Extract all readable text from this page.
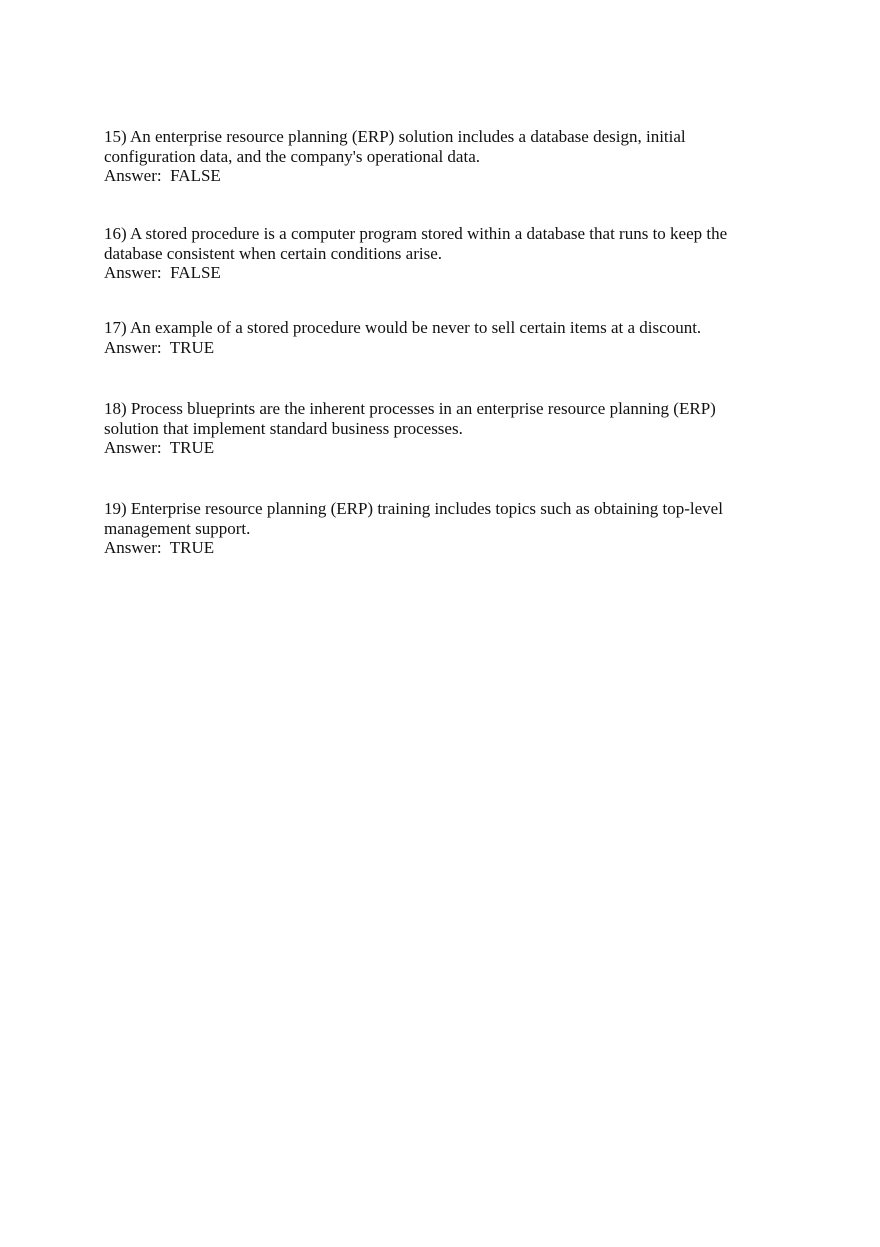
15) An enterprise resource planning (ERP) solution includes a database design, initial
configuration data, and the company's operational data.

Answer:  FALSE

16) A stored procedure is a computer program stored within a database that runs to keep the
database consistent when certain conditions arise.

Answer:  FALSE

17) An example of a stored procedure would be never to sell certain items at a discount.

Answer:  TRUE

18) Process blueprints are the inherent processes in an enterprise resource planning (ERP)
solution that implement standard business processes.

Answer:  TRUE

19) Enterprise resource planning (ERP) training includes topics such as obtaining top-level
management support.

Answer:  TRUE
